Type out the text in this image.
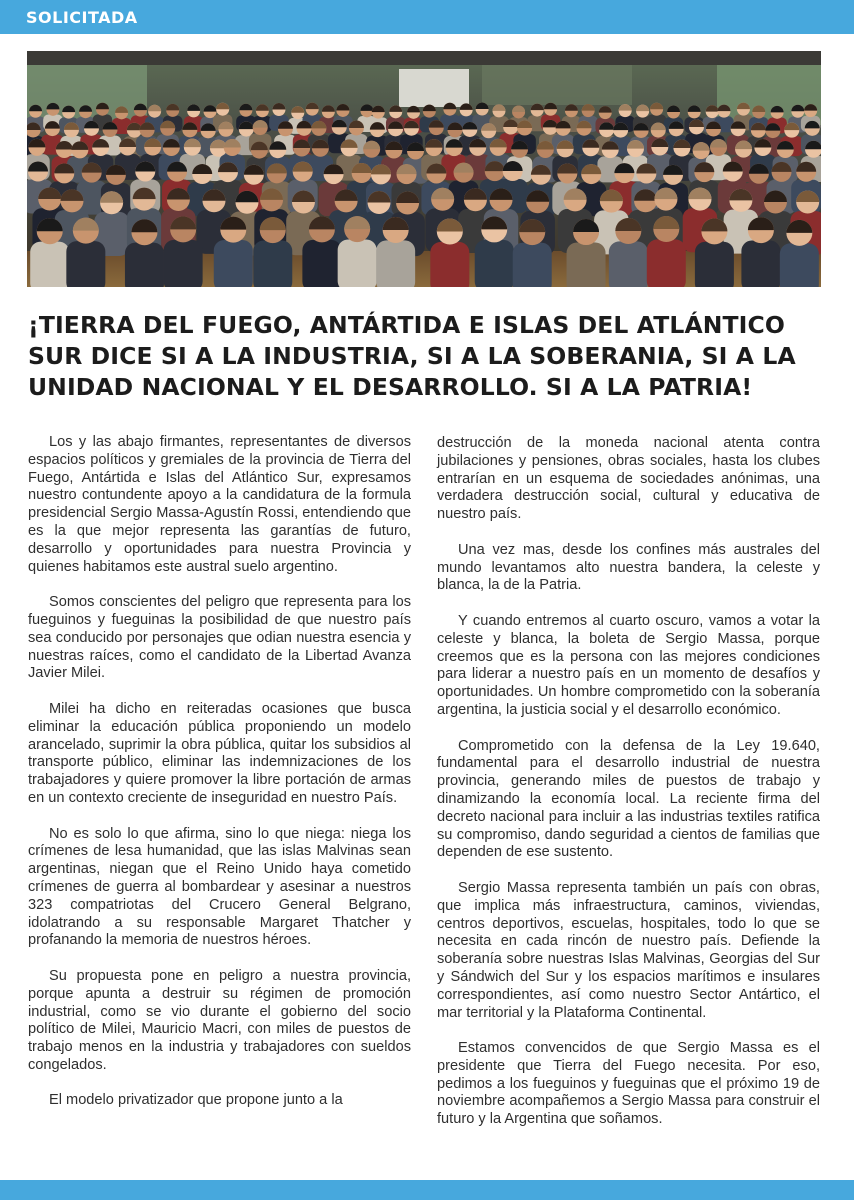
SOLICITADA
¡TIERRA DEL FUEGO, ANTÁRTIDA E ISLAS DEL ATLÁNTICO SUR DICE SI A LA INDUSTRIA, SI A LA SOBERANIA, SI A LA UNIDAD NACIONAL Y EL DESARROLLO. SI A LA PATRIA!

Los y las abajo firmantes, representantes de diversos espacios políticos y gremiales de la provincia de Tierra del Fuego, Antártida e Islas del Atlántico Sur, expresamos nuestro contundente apoyo a la candidatura de la formula presidencial Sergio Massa-Agustín Rossi, entendiendo que es la que mejor representa las garantías de futuro, desarrollo y oportunidades para nuestra Provincia y quienes habitamos este austral suelo argentino.

Somos conscientes del peligro que representa para los fueguinos y fueguinas la posibilidad de que nuestro país sea conducido por personajes que odian nuestra esencia y nuestras raíces, como el candidato de la Libertad Avanza Javier Milei.

Milei ha dicho en reiteradas ocasiones que busca eliminar la educación pública proponiendo un modelo arancelado, suprimir la obra pública, quitar los subsidios al transporte público, eliminar las indemnizaciones de los trabajadores y quiere promover la libre portación de armas en un contexto creciente de inseguridad en nuestro País.

No es solo lo que afirma, sino lo que niega: niega los crímenes de lesa humanidad, que las islas Malvinas sean argentinas, niegan que el Reino Unido haya cometido crímenes de guerra al bombardear y asesinar a nuestros 323 compatriotas del Crucero General Belgrano, idolatrando a su responsable Margaret Thatcher y profanando la memoria de nuestros héroes.

Su propuesta pone en peligro a nuestra provincia, porque apunta a destruir su régimen de promoción industrial, como se vio durante el gobierno del socio político de Milei, Mauricio Macri, con miles de puestos de trabajo menos en la industria y trabajadores con sueldos congelados.

El modelo privatizador que propone junto a la

destrucción de la moneda nacional atenta contra jubilaciones y pensiones, obras sociales, hasta los clubes entrarían en un esquema de sociedades anónimas, una verdadera destrucción social, cultural y educativa de nuestro país.

Una vez mas, desde los confines más australes del mundo levantamos alto nuestra bandera, la celeste y blanca, la de la Patria.

Y cuando entremos al cuarto oscuro, vamos a votar la celeste y blanca, la boleta de Sergio Massa, porque creemos que es la persona con las mejores condiciones para liderar a nuestro país en un momento de desafíos y oportunidades. Un hombre comprometido con la soberanía argentina, la justicia social y el desarrollo económico.

Comprometido con la defensa de la Ley 19.640, fundamental para el desarrollo industrial de nuestra provincia, generando miles de puestos de trabajo y dinamizando la economía local. La reciente firma del decreto nacional para incluir a las industrias textiles ratifica su compromiso, dando seguridad a cientos de familias que dependen de ese sustento.

Sergio Massa representa también un país con obras, que implica más infraestructura, caminos, viviendas, centros deportivos, escuelas, hospitales, todo lo que se necesita en cada rincón de nuestro país. Defiende la soberanía sobre nuestras Islas Malvinas, Georgias del Sur y Sándwich del Sur y los espacios marítimos e insulares correspondientes, así como nuestro Sector Antártico, el mar territorial y la Plataforma Continental.

Estamos convencidos de que Sergio Massa es el presidente que Tierra del Fuego necesita. Por eso, pedimos a los fueguinos y fueguinas que el próximo 19 de noviembre acompañemos a Sergio Massa para construir el futuro y la Argentina que soñamos.
